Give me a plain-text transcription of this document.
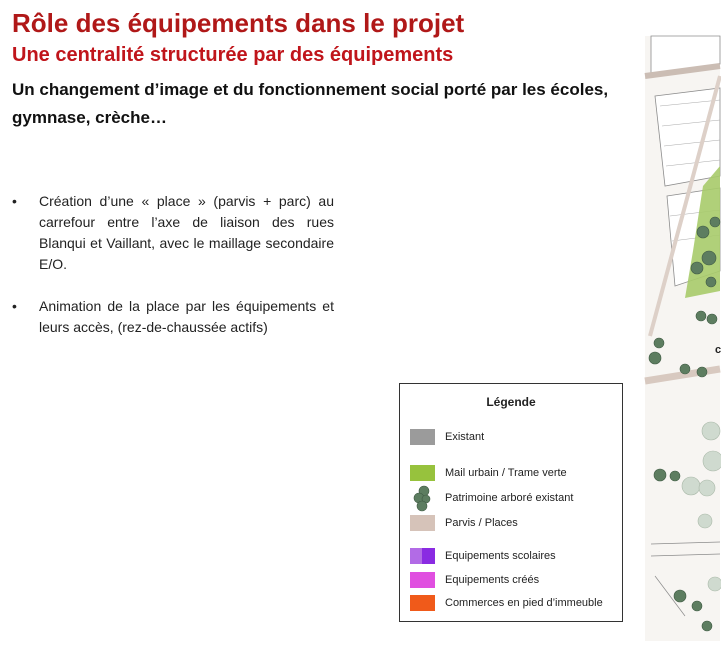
Rôle des équipements dans le projet
Une centralité structurée par des équipements
Un changement d’image et du fonctionnement social porté par les écoles, gymnase, crèche…
• Création d’une « place » (parvis + parc) au carrefour entre l’axe de liaison des rues Blanqui et Vaillant, avec le maillage secondaire E/O.
• Animation de la place par les équipements et leurs accès, (rez-de-chaussée actifs)
c
Légende
Existant
Mail urbain / Trame verte
Patrimoine arboré existant
Parvis / Places
Equipements scolaires
Equipements créés
Commerces en pied d’immeuble
